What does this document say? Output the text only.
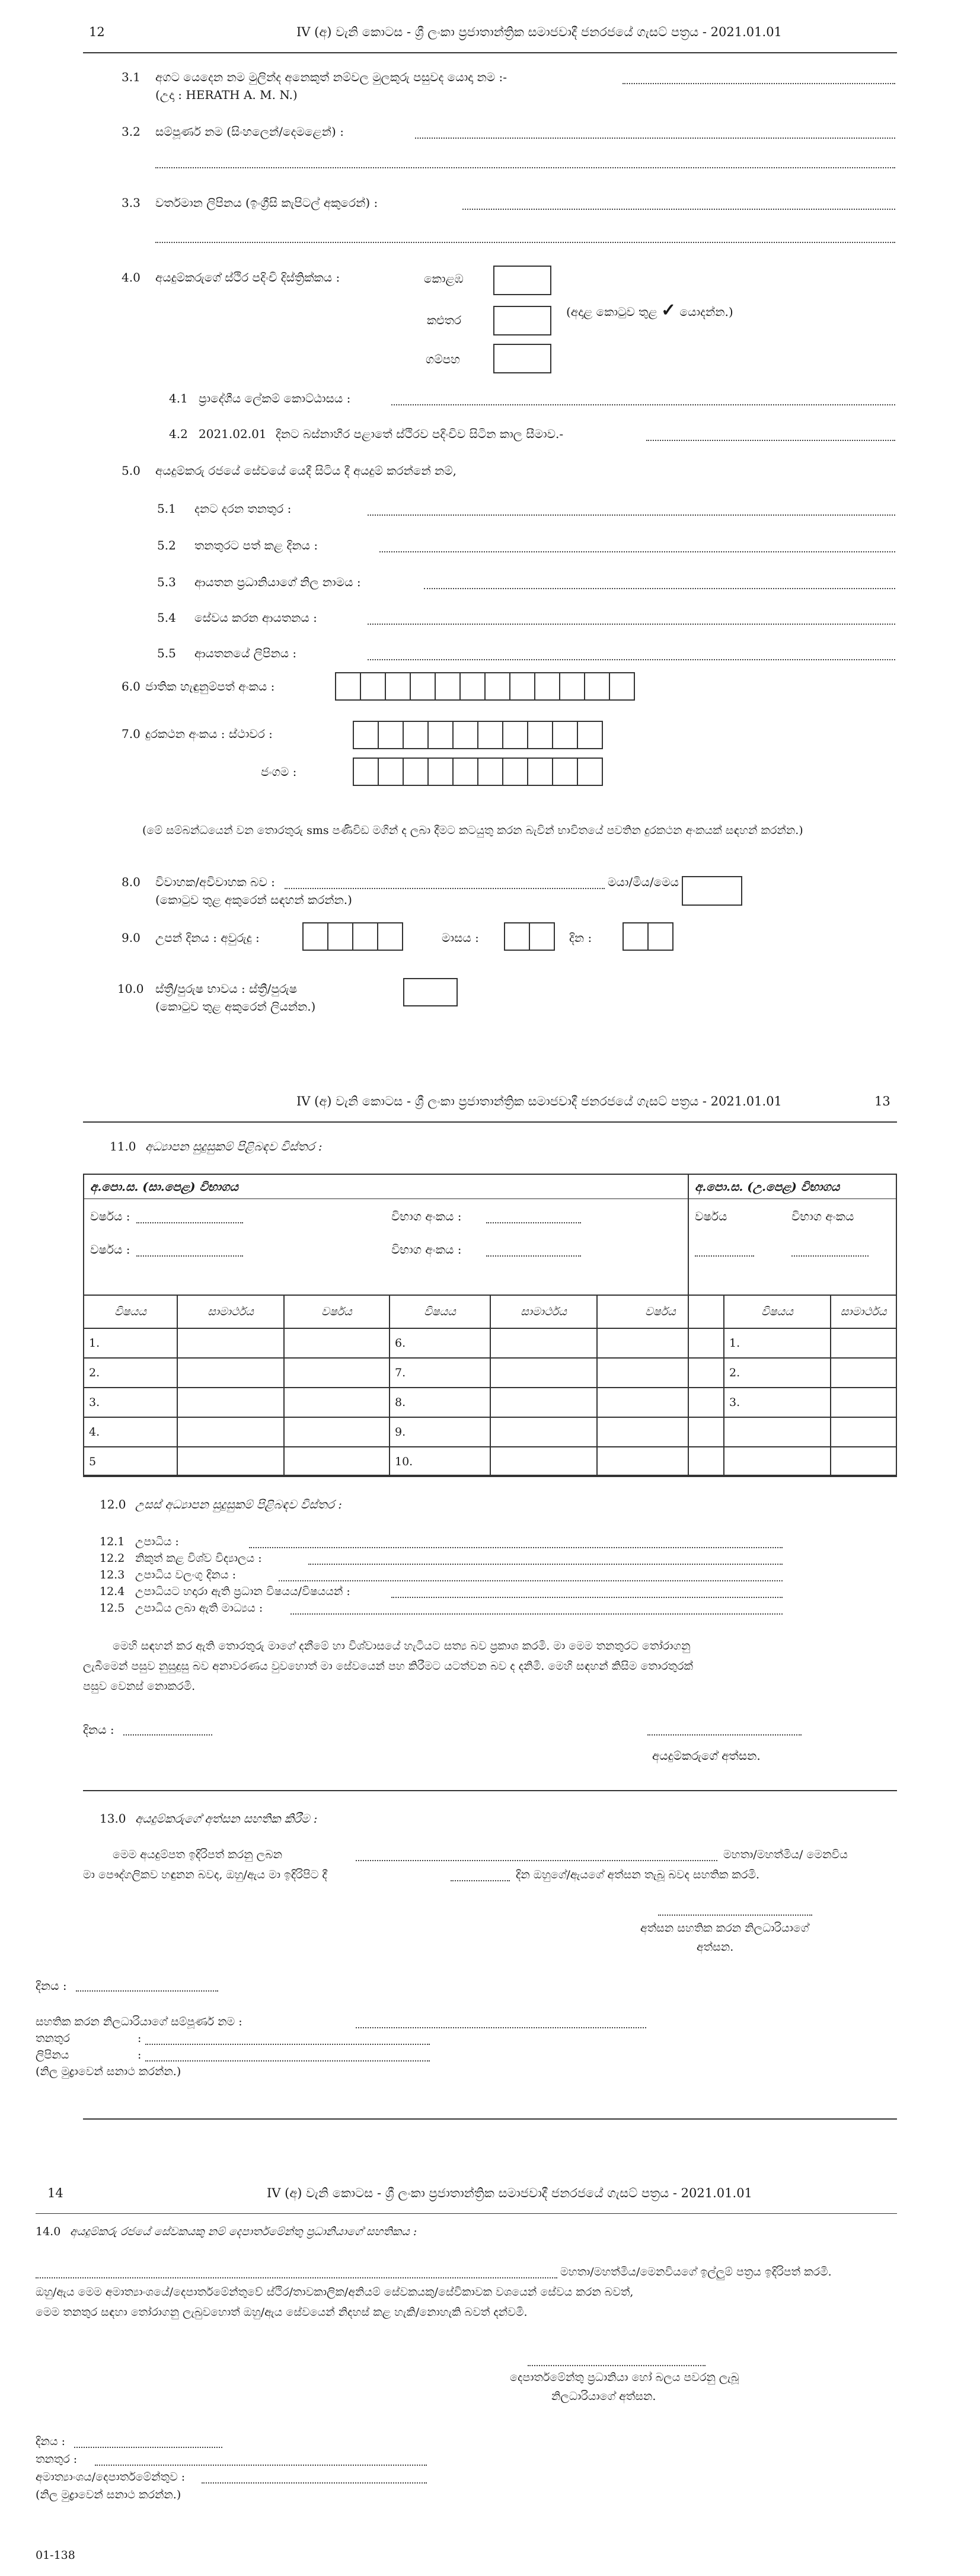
12	IV (අ) වැනි කොටස - ශ්‍රී ලංකා ප්‍රජාතාන්ත්‍රික සමාජවාදී ජනරජයේ ගැසට් පත්‍රය - 2021.01.01
3.1 අගට යෙදෙන නම මුලින්ද අනෙකුත් නම්වල මුලකුරු පසුවද යොදා නම :-
(උදා : HERATH A. M. N.)
3.2 සම්පූර්ණ නම (සිංහලෙන්/දෙමළෙන්) :
3.3 වර්තමාන ලිපිනය (ඉංග්‍රීසි කැපිටල් අකුරෙන්) :
4.0 අයදුම්කරුගේ ස්ථිර පදිංචි දිස්ත්‍රික්කය :	කොළඹ
කළුතර
ගම්පහ
(අදාළ කොටුව තුළ ✓ යොදන්න.)
4.1 ප්‍රාදේශීය ලේකම් කොට්ඨාසය :
4.2 2021.02.01 දිනට බස්නාහිර පළාතේ ස්ථිරව පදිංචිව සිටින කාල සීමාව.-
5.0 අයදුම්කරු රජයේ සේවයේ යෙදී සිටිය දී අයදුම් කරන්නේ නම්,
5.1 දනට දරන තනතුර :
5.2 තනතුරට පත් කළ දිනය :
5.3 ආයතන ප්‍රධානියාගේ නිල නාමය :
5.4 සේවය කරන ආයතනය :
5.5 ආයතනයේ ලිපිනය :
6.0 ජාතික හැඳුනුම්පත් අංකය :
7.0 දුරකථන අංකය : ස්ථාවර :
ජංගම :
(මේ සම්බන්ධයෙන් වන තොරතුරු sms පණිවිඩ මගින් ද ලබා දීමට කටයුතු කරන බැවින් භාවිතයේ පවතින දුරකථන අංකයක් සඳහන් කරන්න.)
8.0 විවාහක/අවිවාහක බව :	මයා/මිය/මෙය
(කොටුව තුළ අකුරෙන් සඳහන් කරන්න.)
9.0 උපන් දිනය : අවුරුදු :	මාසය :	දින :
10.0 ස්ත්‍රී/පුරුෂ භාවය : ස්ත්‍රී/පුරුෂ
(කොටුව තුළ අකුරෙන් ලියන්න.)
IV (අ) වැනි කොටස - ශ්‍රී ලංකා ප්‍රජාතාන්ත්‍රික සමාජවාදී ජනරජයේ ගැසට් පත්‍රය - 2021.01.01	13
11.0 අධ්‍යාපන සුදුසුකම් පිළිබඳව විස්තර :
අ.පො.ස. (සා.පෙළ) විභාගය	අ.පො.ස. (උ.පෙළ) විභාගය
වර්ෂය :	විභාග අංකය :
වර්ෂය :	විභාග අංකය :
වර්ෂය	විභාග අංකය
විෂයය	සාමාර්ථය	වර්ෂය	විෂයය	සාමාර්ථය	වර්ෂය	විෂයය	සාමාර්ථය
1.			6.			1.	
2.			7.			2.	
3.			8.			3.	
4.			9.				
5			10.				
12.0 උසස් අධ්‍යාපන සුදුසුකම් පිළිබඳව විස්තර :
12.1 උපාධිය :
12.2 නිකුත් කළ විශ්ව විද්‍යාලය :
12.3 උපාධිය වලංගු දිනය :
12.4 උපාධියට හදාරා ඇති ප්‍රධාන විෂයය/විෂයයන් :
12.5 උපාධිය ලබා ඇති මාධ්‍යය :
මෙහි සඳහන් කර ඇති තොරතුරු මාගේ දනීමේ හා විශ්වාසයේ හැටියට සත්‍ය බව ප්‍රකාශ කරමි. මා මෙම තනතුරට තෝරාගනු
ලැබීමෙන් පසුව නුසුදුසු බව අනාවරණය වුවහොත් මා සේවයෙන් පහ කිරීමට යටත්වන බව ද දනිමි. මෙහි සඳහන් කිසිම තොරතුරක්
පසුව වෙනස් නොකරමි.
දිනය :
අයදුම්කරුගේ අත්සන.
13.0 අයදුම්කරුගේ අත්සන සහතික කිරීම :
මෙම අයදුම්පත ඉදිරිපත් කරනු ලබන	මහතා/මහත්මිය/ මෙනවිය
මා පෞද්ගලිකව හඳුනන බවද, ඔහු/ඇය මා ඉදිරිපිට දී	දින ඔහුගේ/ඇයගේ අත්සන තැබූ බවද සහතික කරමි.
අත්සන සහතික කරන නිලධාරියාගේ
අත්සන.
දිනය :
සහතික කරන නිලධාරියාගේ සම්පූර්ණ නම :
තනතුර	:
ලිපිනය	:
(නිල මුද්‍රාවෙන් සනාථ කරන්න.)
14	IV (අ) වැනි කොටස - ශ්‍රී ලංකා ප්‍රජාතාන්ත්‍රික සමාජවාදී ජනරජයේ ගැසට් පත්‍රය - 2021.01.01
14.0 අයදුම්කරු රජයේ සේවකයකු නම් දෙපාර්තමේන්තු ප්‍රධානියාගේ සහතිකය :
මහතා/මහත්මිය/මෙනවියගේ ඉල්ලුම් පත්‍රය ඉදිරිපත් කරමි.
ඔහු/ඇය මෙම අමාත්‍යාංශයේ/දෙපාර්තමේන්තුවේ ස්ථිර/තාවකාලික/අනියම් සේවකයකු/සේවිකාවක වශයෙන් සේවය කරන බවත්,
මෙම තනතුර සඳහා තෝරාගනු ලැබුවහොත් ඔහු/ඇය සේවයෙන් නිදහස් කළ හැකි/නොහැකි බවත් දන්වමි.
දෙපාර්තමේන්තු ප්‍රධානියා හෝ බලය පවරනු ලැබූ
නිලධාරියාගේ අත්සන.
දිනය :
තනතුර :
අමාත්‍යාංශය/දෙපාර්තමේන්තුව :
(නිල මුද්‍රාවෙන් සනාථ කරන්න.)
01-138
